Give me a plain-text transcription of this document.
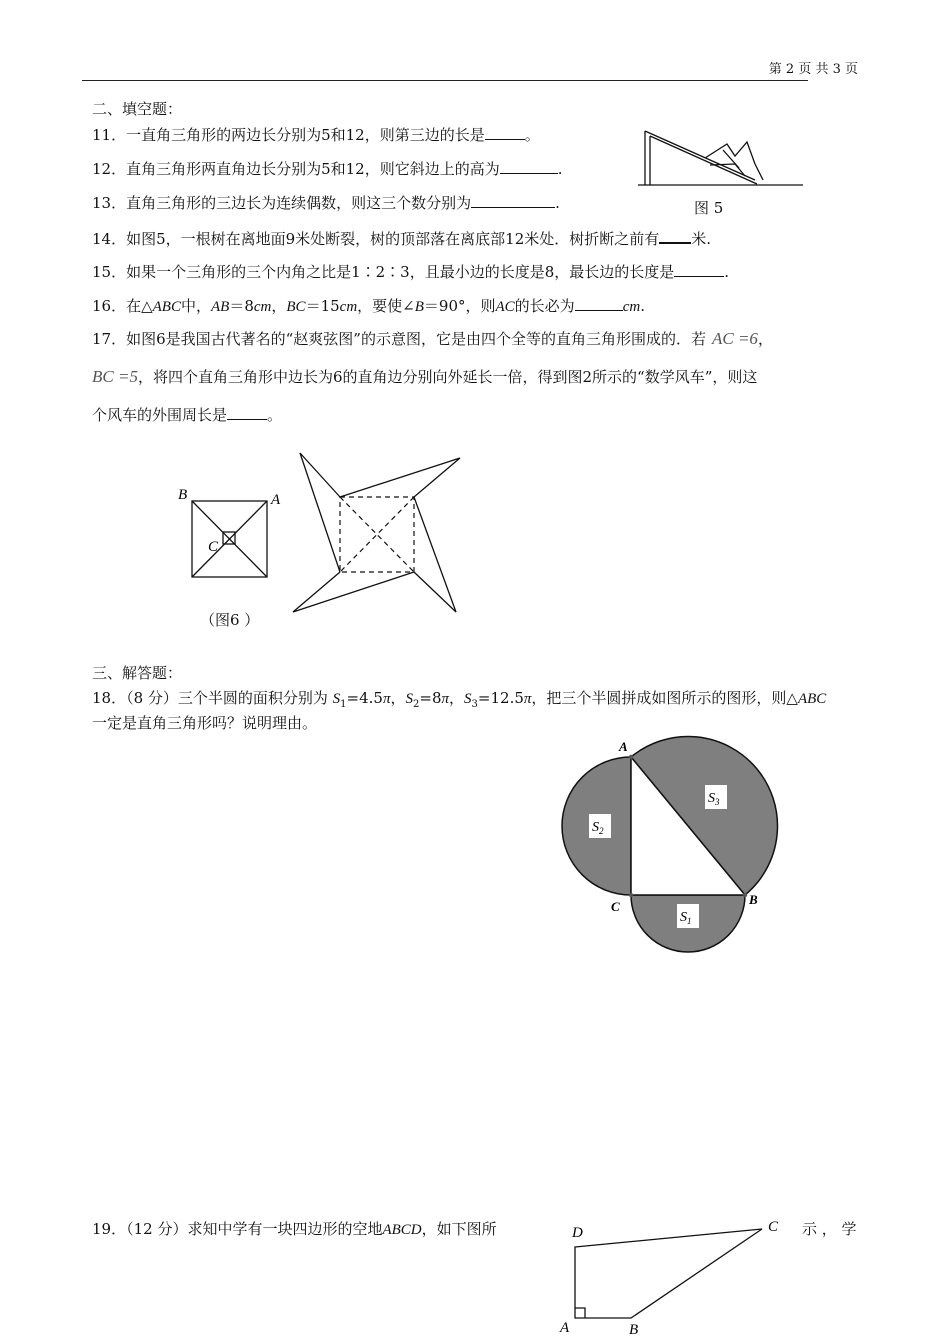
第 2 页 共 3 页
二、填空题：
11．一直角三角形的两边长分别为5和12，则第三边的长是	。
12．直角三角形两直角边长分别为5和12，则它斜边上的高为	.
13．直角三角形的三边长为连续偶数，则这三个数分别为	.
14．如图5，一根树在离地面9米处断裂，树的顶部落在离底部12米处．树折断之前有 米.
15．如果一个三角形的三个内角之比是1∶2∶3，且最小边的长度是8，最长边的长度是	.
16．在△ABC中，AB＝8cm，BC＝15cm，要使∠B＝90°，则AC的长必为	cm.
17．如图6是我国古代著名的“赵爽弦图”的示意图，它是由四个全等的直角三角形围成的．若 AC =6，
BC =5，将四个直角三角形中边长为6的直角边分别向外延长一倍，得到图2所示的“数学风车”，则这
个风车的外围周长是	。
图 5
B	A
C
（图6 ）
三、解答题：
18．（8 分）三个半圆的面积分别为 $S_1=4.5\pi$，$S_2=8\pi$，$S_3=12.5\pi$，把三个半圆拼成如图所示的图形，则△ABC
一定是直角三角形吗？说明理由。
$S_2$
$S_3$
$S_1$
A
C	B
19．（12 分）求知中学有一块四边形的空地ABCD，如下图所	示 ， 学
D	C
A	B
